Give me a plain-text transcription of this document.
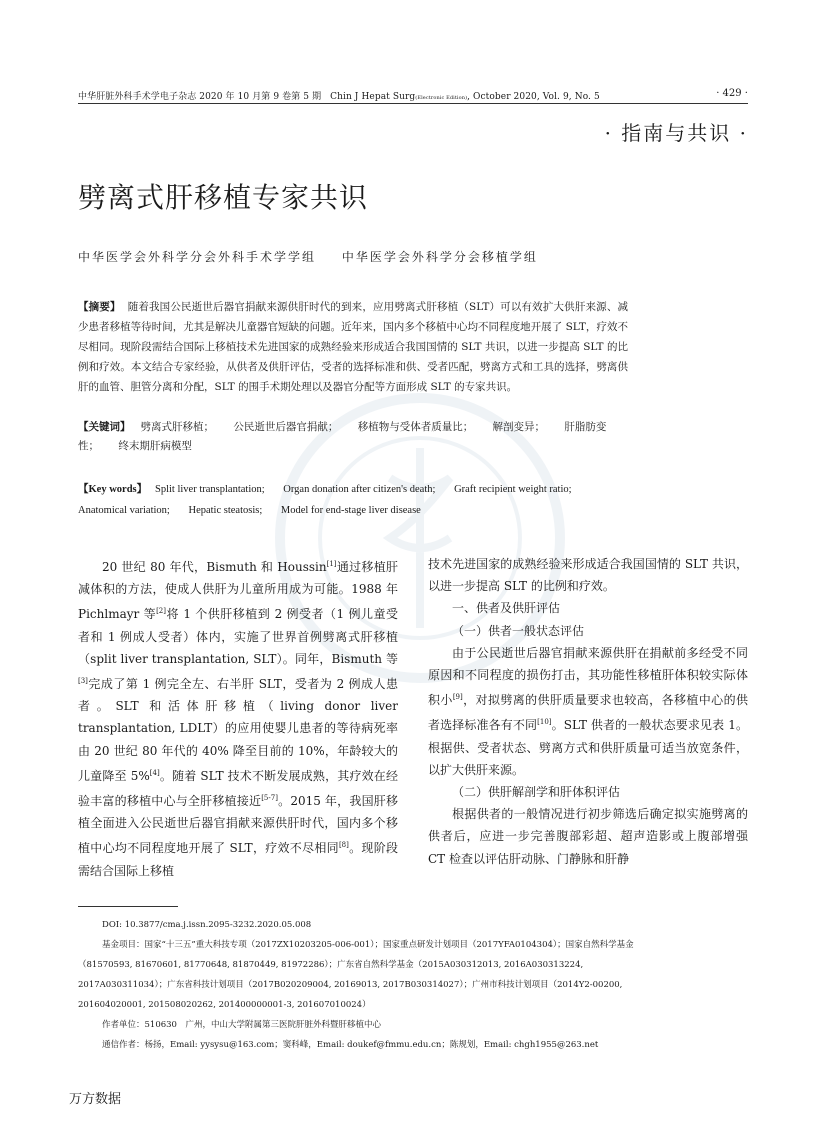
中华肝脏外科手术学电子杂志 2020 年 10 月第 9 卷第 5 期 Chin J Hepat Surg(Electronic Edition), October 2020, Vol. 9, No. 5	· 429 ·
· 指南与共识 ·
劈离式肝移植专家共识
中华医学会外科学分会外科手术学学组 中华医学会外科学分会移植学组
【摘要】 随着我国公民逝世后器官捐献来源供肝时代的到来，应用劈离式肝移植（SLT）可以有效扩大供肝来源、减少患者移植等待时间，尤其是解决儿童器官短缺的问题。近年来，国内多个移植中心均不同程度地开展了 SLT，疗效不尽相同。现阶段需结合国际上移植技术先进国家的成熟经验来形成适合我国国情的 SLT 共识，以进一步提高 SLT 的比例和疗效。本文结合专家经验，从供者及供肝评估，受者的选择标准和供、受者匹配，劈离方式和工具的选择，劈离供肝的血管、胆管分离和分配，SLT 的围手术期处理以及器官分配等方面形成 SLT 的专家共识。
【关键词】 劈离式肝移植； 公民逝世后器官捐献； 移植物与受体者质量比； 解剖变异； 肝脂肪变性； 终末期肝病模型
【Key words】 Split liver transplantation; Organ donation after citizen's death; Graft recipient weight ratio; Anatomical variation; Hepatic steatosis; Model for end-stage liver disease

20 世纪 80 年代，Bismuth 和 Houssin[1]通过移植肝减体积的方法，使成人供肝为儿童所用成为可能。1988 年 Pichlmayr 等[2]将 1 个供肝移植到 2 例受者（1 例儿童受者和 1 例成人受者）体内，实施了世界首例劈离式肝移植（split liver transplantation, SLT）。同年，Bismuth 等[3]完成了第 1 例完全左、右半肝 SLT，受者为 2 例成人患者。SLT 和活体肝移植（living donor liver transplantation, LDLT）的应用使婴儿患者的等待病死率由 20 世纪 80 年代的 40% 降至目前的 10%，年龄较大的儿童降至 5%[4]。随着 SLT 技术不断发展成熟，其疗效在经验丰富的移植中心与全肝移植接近[5-7]。2015 年，我国肝移植全面进入公民逝世后器官捐献来源供肝时代，国内多个移植中心均不同程度地开展了 SLT，疗效不尽相同[8]。现阶段需结合国际上移植

技术先进国家的成熟经验来形成适合我国国情的 SLT 共识，以进一步提高 SLT 的比例和疗效。

一、供者及供肝评估

（一）供者一般状态评估

由于公民逝世后器官捐献来源供肝在捐献前多经受不同原因和不同程度的损伤打击，其功能性移植肝体积较实际体积小[9]，对拟劈离的供肝质量要求也较高，各移植中心的供者选择标准各有不同[10]。SLT 供者的一般状态要求见表 1。根据供、受者状态、劈离方式和供肝质量可适当放宽条件，以扩大供肝来源。

（二）供肝解剖学和肝体积评估

根据供者的一般情况进行初步筛选后确定拟实施劈离的供者后，应进一步完善腹部彩超、超声造影或上腹部增强 CT 检查以评估肝动脉、门静脉和肝静

DOI: 10.3877/cma.j.issn.2095-3232.2020.05.008

基金项目：国家“十三五”重大科技专项（2017ZX10203205-006-001）；国家重点研发计划项目（2017YFA0104304）；国家自然科学基金（81570593, 81670601, 81770648, 81870449, 81972286）；广东省自然科学基金（2015A030312013, 2016A030313224, 2017A030311034）；广东省科技计划项目（2017B020209004, 20169013, 2017B030314027）；广州市科技计划项目（2014Y2-00200, 201604020001, 201508020262, 201400000001-3, 201607010024）

作者单位：510630　广州，中山大学附属第三医院肝脏外科暨肝移植中心

通信作者：杨扬，Email: yysysu@163.com；窦科峰，Email: doukef@fmmu.edu.cn；陈规划，Email: chgh1955@263.net

万方数据
